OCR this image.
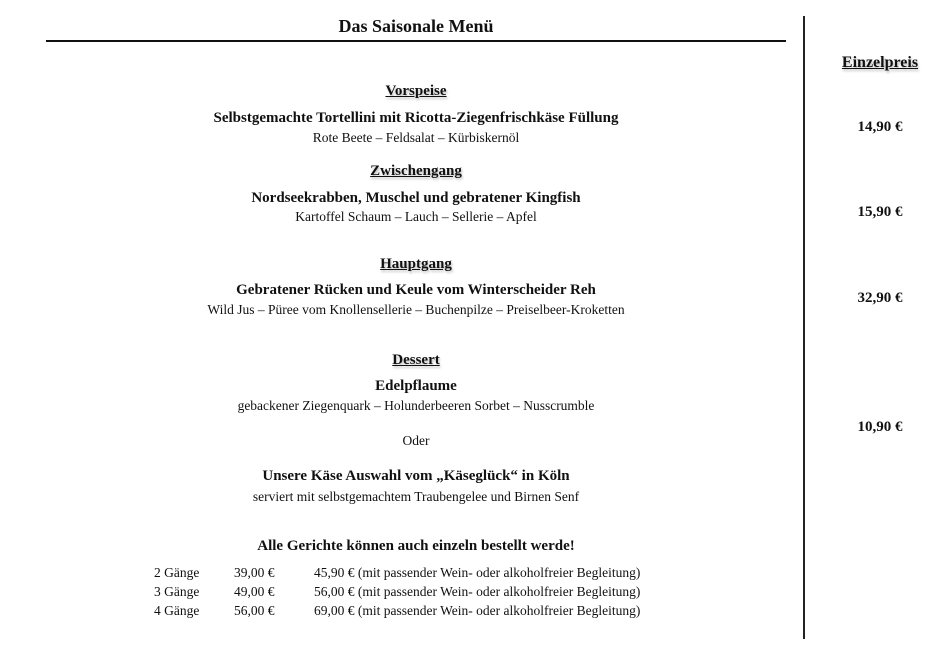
Das Saisonale Menü
Einzelpreis
Vorspeise
Selbstgemachte Tortellini mit Ricotta-Ziegenfrischkäse Füllung
Rote Beete – Feldsalat – Kürbiskernöl
14,90 €
Zwischengang
Nordseekrabben, Muschel und gebratener Kingfish
Kartoffel Schaum – Lauch – Sellerie – Apfel	15,90 €
Hauptgang
Gebratener Rücken und Keule vom Winterscheider Reh
Wild Jus – Püree vom Knollensellerie – Buchenpilze – Preiselbeer-Kroketten
32,90 €
Dessert
Edelpflaume
gebackener Ziegenquark – Holunderbeeren Sorbet – Nusscrumble
Oder
Unsere Käse Auswahl vom „Käseglück“ in Köln
serviert mit selbstgemachtem Traubengelee und Birnen Senf
10,90 €
Alle Gerichte können auch einzeln bestellt werde!
2 Gänge	39,00 €	45,90 € (mit passender Wein- oder alkoholfreier Begleitung)
3 Gänge	49,00 €	56,00 € (mit passender Wein- oder alkoholfreier Begleitung)
4 Gänge	56,00 €	69,00 € (mit passender Wein- oder alkoholfreier Begleitung)
